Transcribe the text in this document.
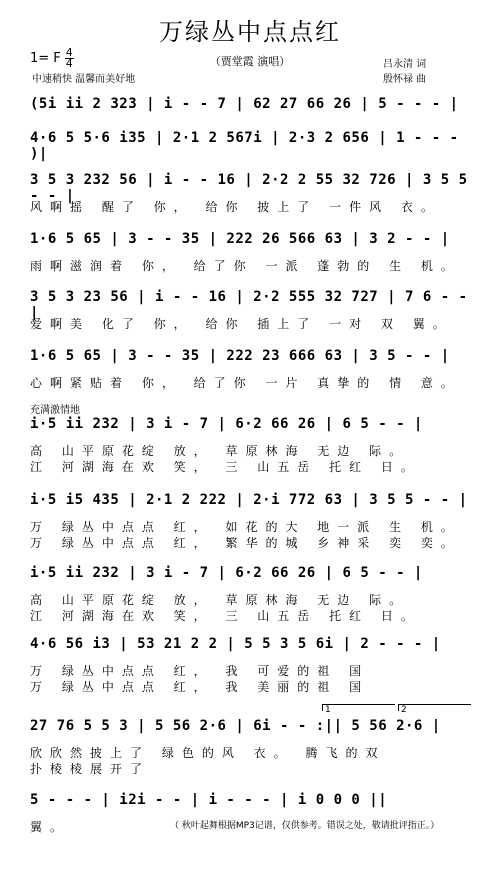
万绿丛中点点红
1= F $\frac{4}{4}$	（贾堂霞 演唱）
中速稍快 温馨而美好地
吕永清 词
殷怀禄 曲
(5i ii 2 323 | i - - 7 | 62 27 66 26 | 5 - - - |
4·6 5 5·6 i35 | 2·1 2 567i | 2·3 2 656 | 1 - - - )|
3 5 3 232 56 | i - - 16 | 2·2 2 55 32 726 | 3 5 5 - - |
风啊摇 醒了 你， 给你 披上了 一件风 衣。
1·6 5 65 | 3 - - 35 | 222 26 566 63 | 3 2 - - |
雨啊滋润着 你， 给了你 一派 蓬勃的 生 机。
3 5 3 23 56 | i - - 16 | 2·2 555 32 727 | 7 6 - - |
爱啊美 化了 你， 给你 插上了 一对 双 翼。
1·6 5 65 | 3 - - 35 | 222 23 666 63 | 3 5 - - |
心啊紧贴着 你， 给了你 一片 真挚的 情 意。
充满激情地
i·5 ii 232 | 3 i - 7 | 6·2 66 26 | 6 5 - - |
高 山平原花绽 放， 草原林海 无边 际。
江 河湖海在欢 笑， 三 山五岳 托红 日。
i·5 i5 435 | 2·1 2 222 | 2·i 772 63 | 3 5 5 - - |
万 绿丛中点点 红， 如花的大 地一派 生 机。
万 绿丛中点点 红， 繁华的城 乡神采 奕 奕。
i·5 ii 232 | 3 i - 7 | 6·2 66 26 | 6 5 - - |
高 山平原花绽 放， 草原林海 无边 际。
江 河湖海在欢 笑， 三 山五岳 托红 日。
4·6 56 i3 | 53 21 2 2 | 5 5 3 5 6i | 2 - - - |
万 绿丛中点点 红， 我 可爱的祖 国
万 绿丛中点点 红， 我 美丽的祖 国
1	2
27 76 5 5 3 | 5 56 2·6 | 6i - - :|| 5 56 2·6 |
欣欣然披上了 绿色的风 衣。 腾飞的双
扑棱棱展开了
5 - - - | i2i - - | i - - - | i 0 0 0 ||
翼。	（ 秋叶起舞根据MP3记谱，仅供参考。错误之处，敬请批评指正。）
